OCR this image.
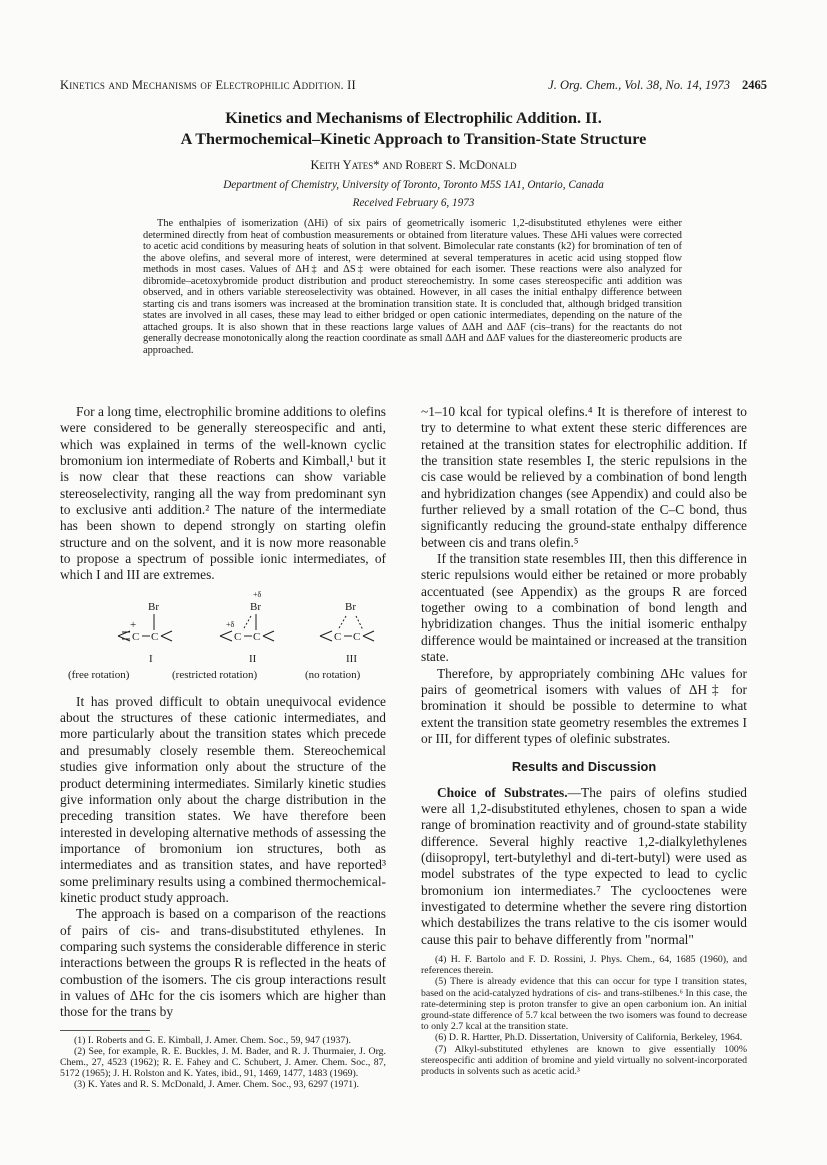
Kinetics and Mechanisms of Electrophilic Addition. II	J. Org. Chem., Vol. 38, No. 14, 1973 2465
Kinetics and Mechanisms of Electrophilic Addition. II.
A Thermochemical–Kinetic Approach to Transition-State Structure
Keith Yates* and Robert S. McDonald
Department of Chemistry, University of Toronto, Toronto M5S 1A1, Ontario, Canada
Received February 6, 1973
The enthalpies of isomerization (ΔHi) of six pairs of geometrically isomeric 1,2-disubstituted ethylenes were either determined directly from heat of combustion measurements or obtained from literature values. These ΔHi values were corrected to acetic acid conditions by measuring heats of solution in that solvent. Bimolecular rate constants (k2) for bromination of ten of the above olefins, and several more of interest, were determined at several temperatures in acetic acid using stopped flow methods in most cases. Values of ΔH‡ and ΔS‡ were obtained for each isomer. These reactions were also analyzed for dibromide–acetoxybromide product distribution and product stereochemistry. In some cases stereospecific anti addition was observed, and in others variable stereoselectivity was obtained. However, in all cases the initial enthalpy difference between starting cis and trans isomers was increased at the bromination transition state. It is concluded that, although bridged transition states are involved in all cases, these may lead to either bridged or open cationic intermediates, depending on the nature of the attached groups. It is also shown that in these reactions large values of ΔΔH and ΔΔF (cis–trans) for the reactants do not generally decrease monotonically along the reaction coordinate as small ΔΔH and ΔΔF values for the diastereomeric products are approached.

For a long time, electrophilic bromine additions to olefins were considered to be generally stereospecific and anti, which was explained in terms of the well-known cyclic bromonium ion intermediate of Roberts and Kimball,¹ but it is now clear that these reactions can show variable stereoselectivity, ranging all the way from predominant syn to exclusive anti addition.² The nature of the intermediate has been shown to depend strongly on starting olefin structure and on the solvent, and it is now more reasonable to propose a spectrum of possible ionic intermediates, of which I and III are extremes.

Br
+
C C
I
(free rotation)
+δ
Br
+δ
C C
II
(restricted rotation)
Br
C C
III
(no rotation)

It has proved difficult to obtain unequivocal evidence about the structures of these cationic intermediates, and more particularly about the transition states which precede and presumably closely resemble them. Stereochemical studies give information only about the structure of the product determining intermediates. Similarly kinetic studies give information only about the charge distribution in the preceding transition states. We have therefore been interested in developing alternative methods of assessing the importance of bromonium ion structures, both as intermediates and as transition states, and have reported³ some preliminary results using a combined thermochemical-kinetic product study approach.

The approach is based on a comparison of the reactions of pairs of cis- and trans-disubstituted ethylenes. In comparing such systems the considerable difference in steric interactions between the groups R is reflected in the heats of combustion of the isomers. The cis group interactions result in values of ΔHc for the cis isomers which are higher than those for the trans by

(1) I. Roberts and G. E. Kimball, J. Amer. Chem. Soc., 59, 947 (1937).

(2) See, for example, R. E. Buckles, J. M. Bader, and R. J. Thurmaier, J. Org. Chem., 27, 4523 (1962); R. E. Fahey and C. Schubert, J. Amer. Chem. Soc., 87, 5172 (1965); J. H. Rolston and K. Yates, ibid., 91, 1469, 1477, 1483 (1969).

(3) K. Yates and R. S. McDonald, J. Amer. Chem. Soc., 93, 6297 (1971).

~1–10 kcal for typical olefins.⁴ It is therefore of interest to try to determine to what extent these steric differences are retained at the transition states for electrophilic addition. If the transition state resembles I, the steric repulsions in the cis case would be relieved by a combination of bond length and hybridization changes (see Appendix) and could also be further relieved by a small rotation of the C–C bond, thus significantly reducing the ground-state enthalpy difference between cis and trans olefin.⁵

If the transition state resembles III, then this difference in steric repulsions would either be retained or more probably accentuated (see Appendix) as the groups R are forced together owing to a combination of bond length and hybridization changes. Thus the initial isomeric enthalpy difference would be maintained or increased at the transition state.

Therefore, by appropriately combining ΔHc values for pairs of geometrical isomers with values of ΔH‡ for bromination it should be possible to determine to what extent the transition state geometry resembles the extremes I or III, for different types of olefinic substrates.

Results and Discussion

Choice of Substrates.—The pairs of olefins studied were all 1,2-disubstituted ethylenes, chosen to span a wide range of bromination reactivity and of ground-state stability difference. Several highly reactive 1,2-dialkylethylenes (diisopropyl, tert-butylethyl and di-tert-butyl) were used as model substrates of the type expected to lead to cyclic bromonium ion intermediates.⁷ The cyclooctenes were investigated to determine whether the severe ring distortion which destabilizes the trans relative to the cis isomer would cause this pair to behave differently from "normal"

(4) H. F. Bartolo and F. D. Rossini, J. Phys. Chem., 64, 1685 (1960), and references therein.

(5) There is already evidence that this can occur for type I transition states, based on the acid-catalyzed hydrations of cis- and trans-stilbenes.⁶ In this case, the rate-determining step is proton transfer to give an open carbonium ion. An initial ground-state difference of 5.7 kcal between the two isomers was found to decrease to only 2.7 kcal at the transition state.

(6) D. R. Hartter, Ph.D. Dissertation, University of California, Berkeley, 1964.

(7) Alkyl-substituted ethylenes are known to give essentially 100% stereospecific anti addition of bromine and yield virtually no solvent-incorporated products in solvents such as acetic acid.³
